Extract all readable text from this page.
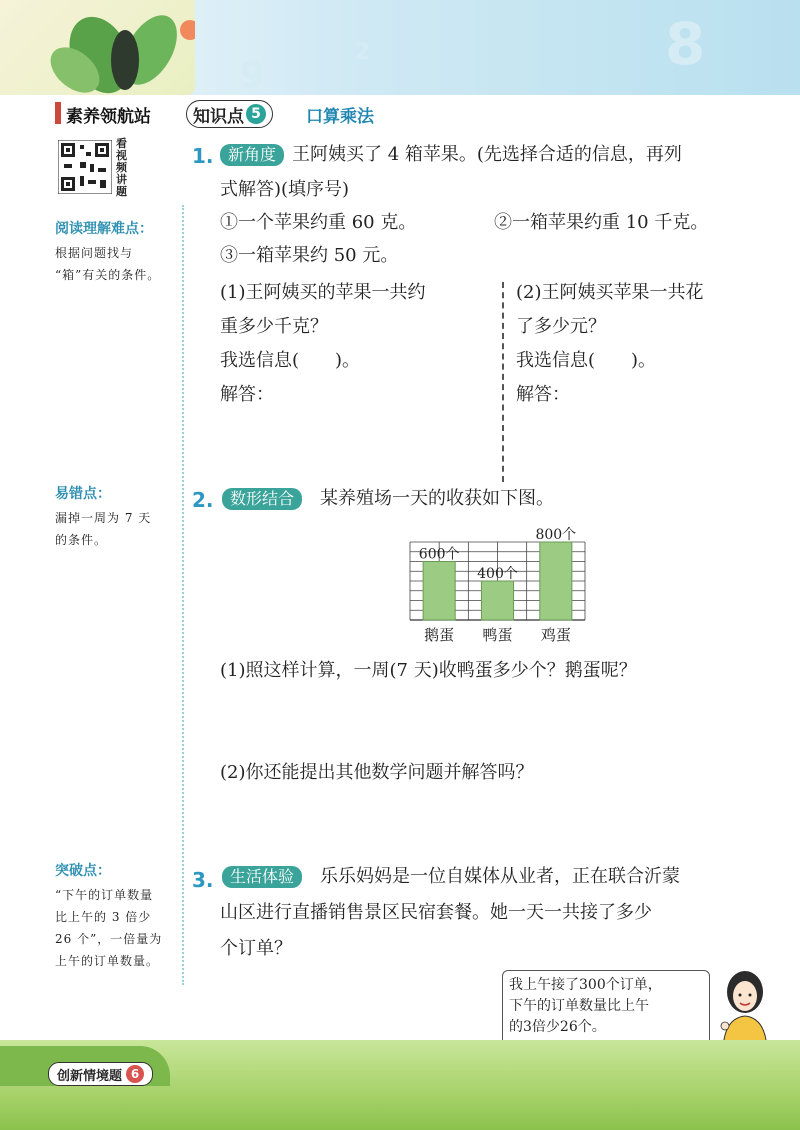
9
2	8
素养领航站 知识点 5	口算乘法
看视频讲题
阅读理解难点：
根据问题找与
“箱”有关的条件。
易错点：
漏掉一周为 7 天
的条件。
突破点：
“下午的订单数量
比上午的 3 倍少
26 个”，一倍量为
上午的订单数量。
1. 新角度 王阿姨买了 4 箱苹果。(先选择合适的信息，再列
式解答)(填序号)
①一个苹果约重 60 克。	②一箱苹果约重 10 千克。
③一箱苹果约 50 元。
(1)王阿姨买的苹果一共约
重多少千克？
我选信息(　　)。
解答：
(2)王阿姨买苹果一共花
了多少元？
我选信息(　　)。
解答：
2.	数形结合	某养殖场一天的收获如下图。
600个
鹅蛋
400个
鸭蛋
800个
鸡蛋
(1)照这样计算，一周(7 天)收鸭蛋多少个？鹅蛋呢？
(2)你还能提出其他数学问题并解答吗？
3.	生活体验	乐乐妈妈是一位自媒体从业者，正在联合沂蒙
山区进行直播销售景区民宿套餐。她一天一共接了多少
个订单？
我上午接了300个订单，
下午的订单数量比上午
的3倍少26个。
创新情境题 6
